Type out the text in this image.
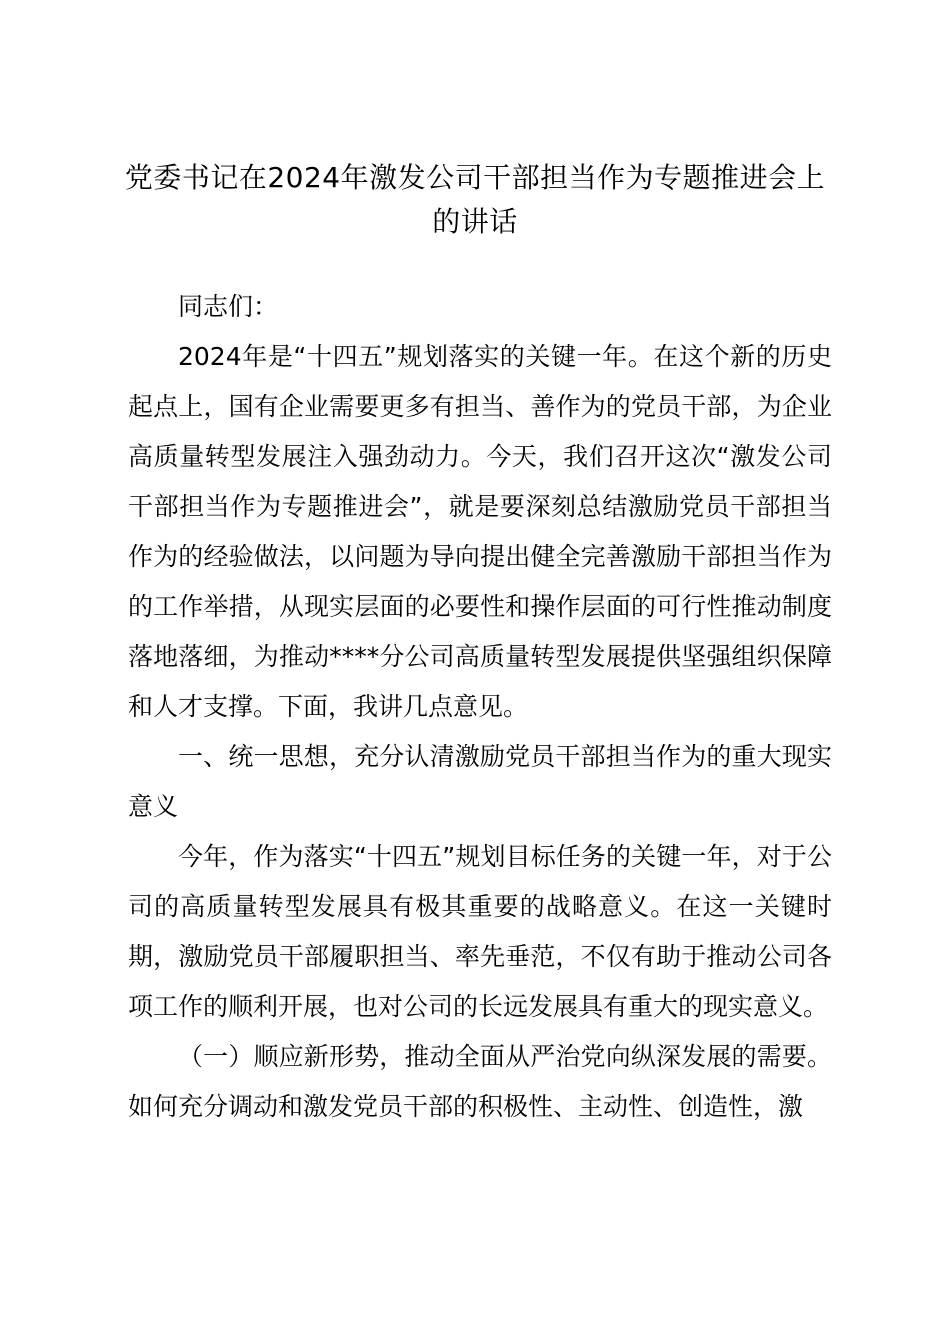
党委书记在2024年激发公司干部担当作为专题推进会上的讲话

同志们：

2024年是“十四五”规划落实的关键一年。在这个新的历史起点上，国有企业需要更多有担当、善作为的党员干部，为企业高质量转型发展注入强劲动力。今天，我们召开这次“激发公司干部担当作为专题推进会”，就是要深刻总结激励党员干部担当作为的经验做法，以问题为导向提出健全完善激励干部担当作为的工作举措，从现实层面的必要性和操作层面的可行性推动制度落地落细，为推动****分公司高质量转型发展提供坚强组织保障和人才支撑。下面，我讲几点意见。

一、统一思想，充分认清激励党员干部担当作为的重大现实意义

今年，作为落实“十四五”规划目标任务的关键一年，对于公司的高质量转型发展具有极其重要的战略意义。在这一关键时期，激励党员干部履职担当、率先垂范，不仅有助于推动公司各项工作的顺利开展，也对公司的长远发展具有重大的现实意义。

（一）顺应新形势，推动全面从严治党向纵深发展的需要。如何充分调动和激发党员干部的积极性、主动性、创造性，激
